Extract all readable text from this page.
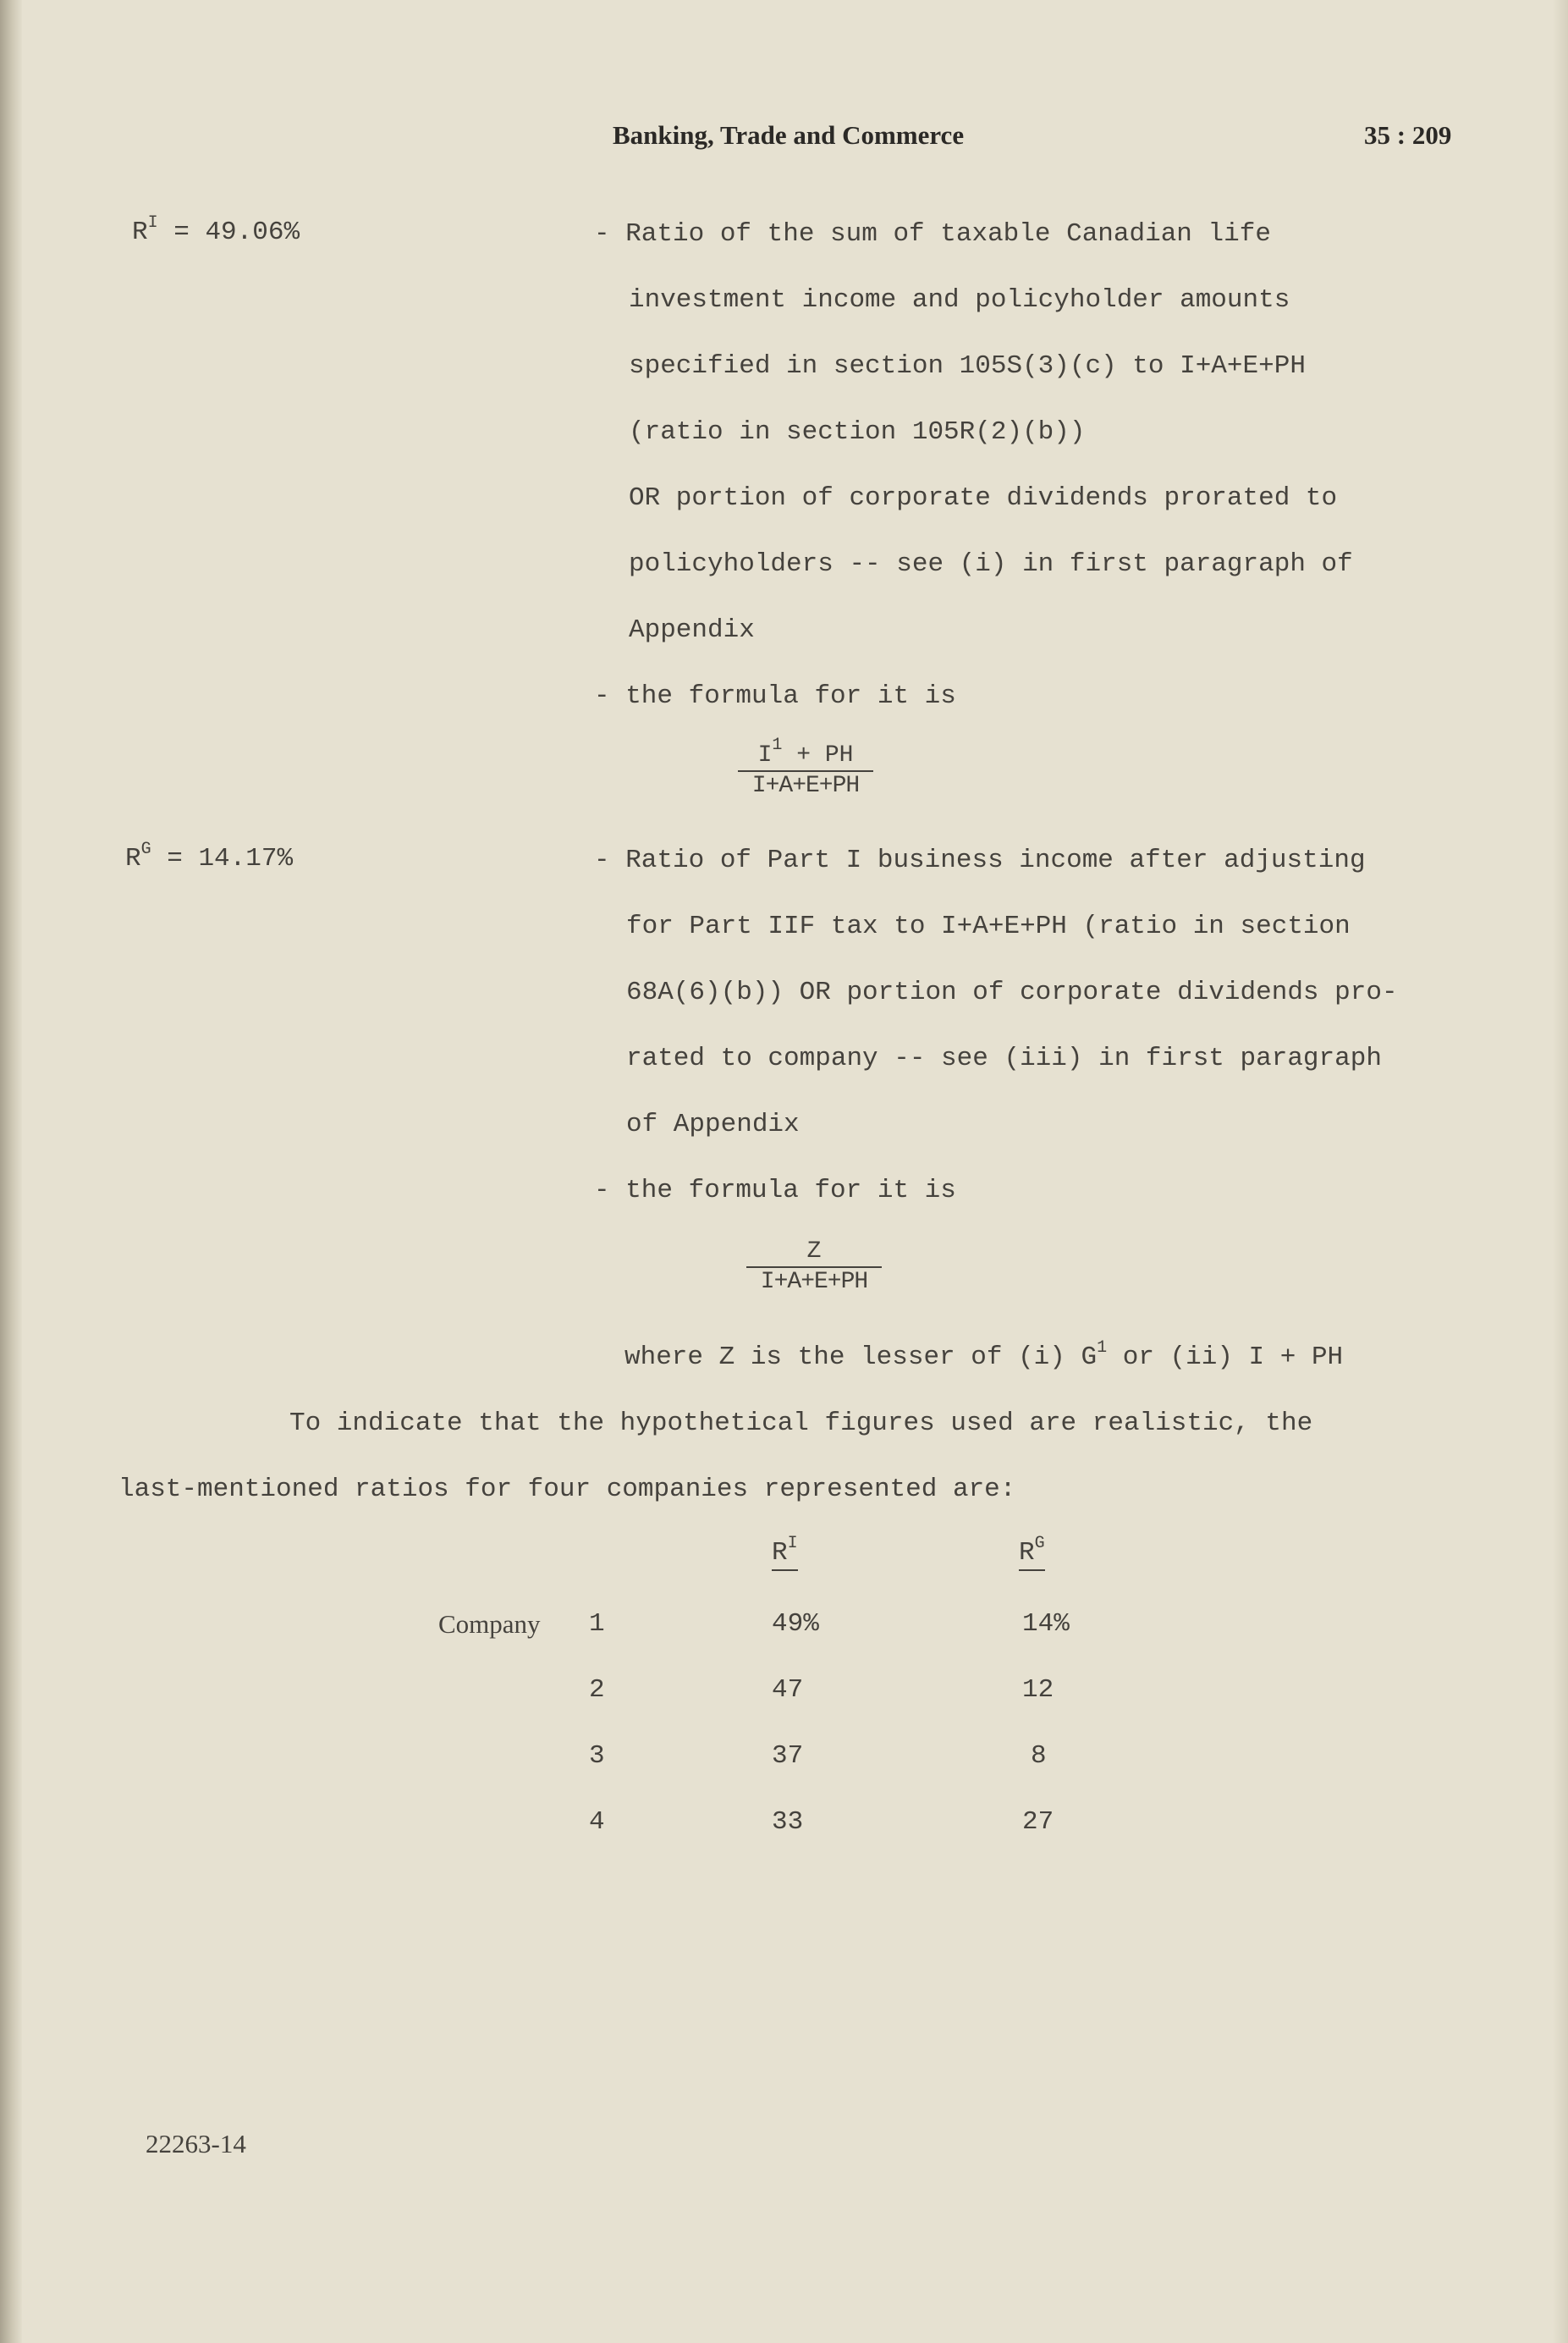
Banking, Trade and Commerce	35 : 209
$R^I = 49.06\%$	- Ratio of the sum of taxable Canadian life
investment income and policyholder amounts
specified in section 105S(3)(c) to I+A+E+PH
(ratio in section 105R(2)(b))
OR portion of corporate dividends prorated to
policyholders -- see (i) in first paragraph of
Appendix
- the formula for it is
$\frac{I^1 + PH}{I+A+E+PH}$
$R^G = 14.17\%$	- Ratio of Part I business income after adjusting
for Part IIF tax to I+A+E+PH (ratio in section
68A(6)(b)) OR portion of corporate dividends pro-
rated to company -- see (iii) in first paragraph
of Appendix
- the formula for it is
$\frac{Z}{I+A+E+PH}$
where Z is the lesser of (i) $G^1$ or (ii) I + PH
To indicate that the hypothetical figures used are realistic, the
last-mentioned ratios for four companies represented are:
$R^I$	$R^G$
Company 1	49%	14%
2	47	12
3	37	8
4	33	27
22263-14
